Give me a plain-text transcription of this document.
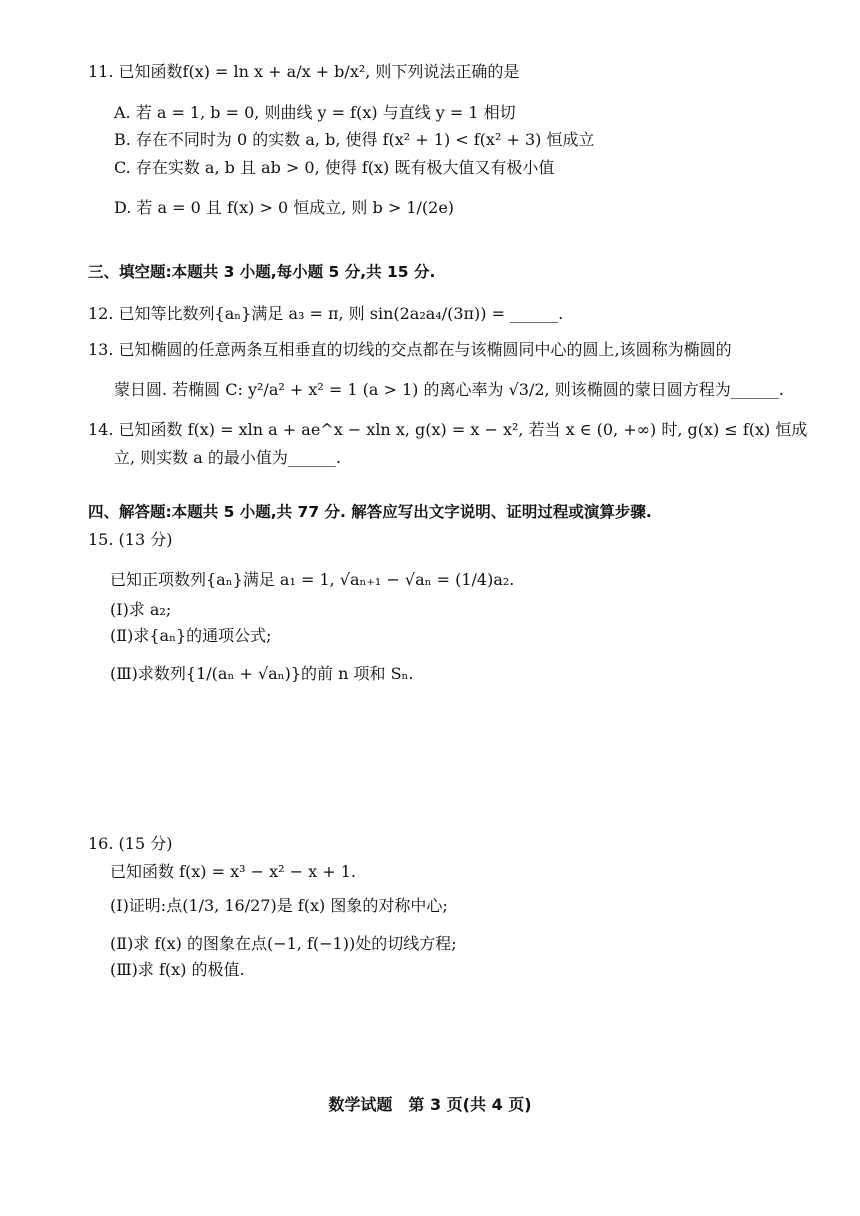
11. 已知函数f(x) = ln x + a/x + b/x², 则下列说法正确的是
A. 若 a = 1, b = 0, 则曲线 y = f(x) 与直线 y = 1 相切
B. 存在不同时为 0 的实数 a, b, 使得 f(x² + 1) < f(x² + 3) 恒成立
C. 存在实数 a, b 且 ab > 0, 使得 f(x) 既有极大值又有极小值
D. 若 a = 0 且 f(x) > 0 恒成立, 则 b > 1/(2e)
三、填空题:本题共 3 小题,每小题 5 分,共 15 分.
12. 已知等比数列{aₙ}满足 a₃ = π, 则 sin(2a₂a₄/(3π)) = ______.
13. 已知椭圆的任意两条互相垂直的切线的交点都在与该椭圆同中心的圆上,该圆称为椭圆的
蒙日圆. 若椭圆 C: y²/a² + x² = 1 (a > 1) 的离心率为 √3/2, 则该椭圆的蒙日圆方程为______.
14. 已知函数 f(x) = xln a + ae^x − xln x, g(x) = x − x², 若当 x ∈ (0, +∞) 时, g(x) ≤ f(x) 恒成
立, 则实数 a 的最小值为______.
四、解答题:本题共 5 小题,共 77 分. 解答应写出文字说明、证明过程或演算步骤.
15. (13 分)
已知正项数列{aₙ}满足 a₁ = 1, √aₙ₊₁ − √aₙ = (1/4)a₂.
(Ⅰ)求 a₂;
(Ⅱ)求{aₙ}的通项公式;
(Ⅲ)求数列{1/(aₙ + √aₙ)}的前 n 项和 Sₙ.
16. (15 分)
已知函数 f(x) = x³ − x² − x + 1.
(Ⅰ)证明:点(1/3, 16/27)是 f(x) 图象的对称中心;
(Ⅱ)求 f(x) 的图象在点(−1, f(−1))处的切线方程;
(Ⅲ)求 f(x) 的极值.
数学试题　第 3 页(共 4 页)
